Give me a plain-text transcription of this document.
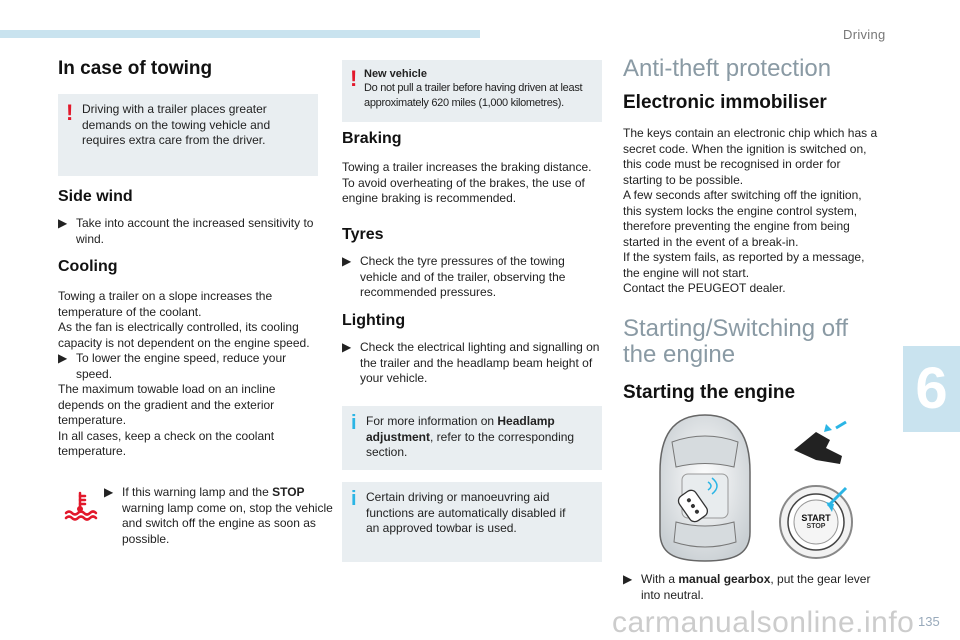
Driving
6
In case of towing
! Driving with a trailer places greater demands on the towing vehicle and requires extra care from the driver.

Side wind
▶ Take into account the increased sensitivity to wind.
Cooling

Towing a trailer on a slope increases the temperature of the coolant.

As the fan is electrically controlled, its cooling capacity is not dependent on the engine speed.

▶ To lower the engine speed, reduce your speed.

The maximum towable load on an incline depends on the gradient and the exterior temperature.

In all cases, keep a check on the coolant temperature.

▶ If this warning lamp and the STOP warning lamp come on, stop the vehicle and switch off the engine as soon as possible.
! New vehicle
Do not pull a trailer before having driven at least approximately 620 miles (1,000 kilometres).
Braking

Towing a trailer increases the braking distance. To avoid overheating of the brakes, the use of engine braking is recommended.

Tyres
▶ Check the tyre pressures of the towing vehicle and of the trailer, observing the recommended pressures.
Lighting
▶ Check the electrical lighting and signalling on the trailer and the headlamp beam height of your vehicle.
i For more information on Headlamp adjustment, refer to the corresponding section.

i Certain driving or manoeuvring aid functions are automatically disabled if an approved towbar is used.

Anti-theft protection
Electronic immobiliser

The keys contain an electronic chip which has a secret code. When the ignition is switched on, this code must be recognised in order for starting to be possible.

A few seconds after switching off the ignition, this system locks the engine control system, therefore preventing the engine from being started in the event of a break-in.

If the system fails, as reported by a message, the engine will not start.

Contact the PEUGEOT dealer.

Starting/Switching off the engine
Starting the engine
START
STOP
▶ With a manual gearbox, put the gear lever into neutral.
carmanualsonline.info 135
